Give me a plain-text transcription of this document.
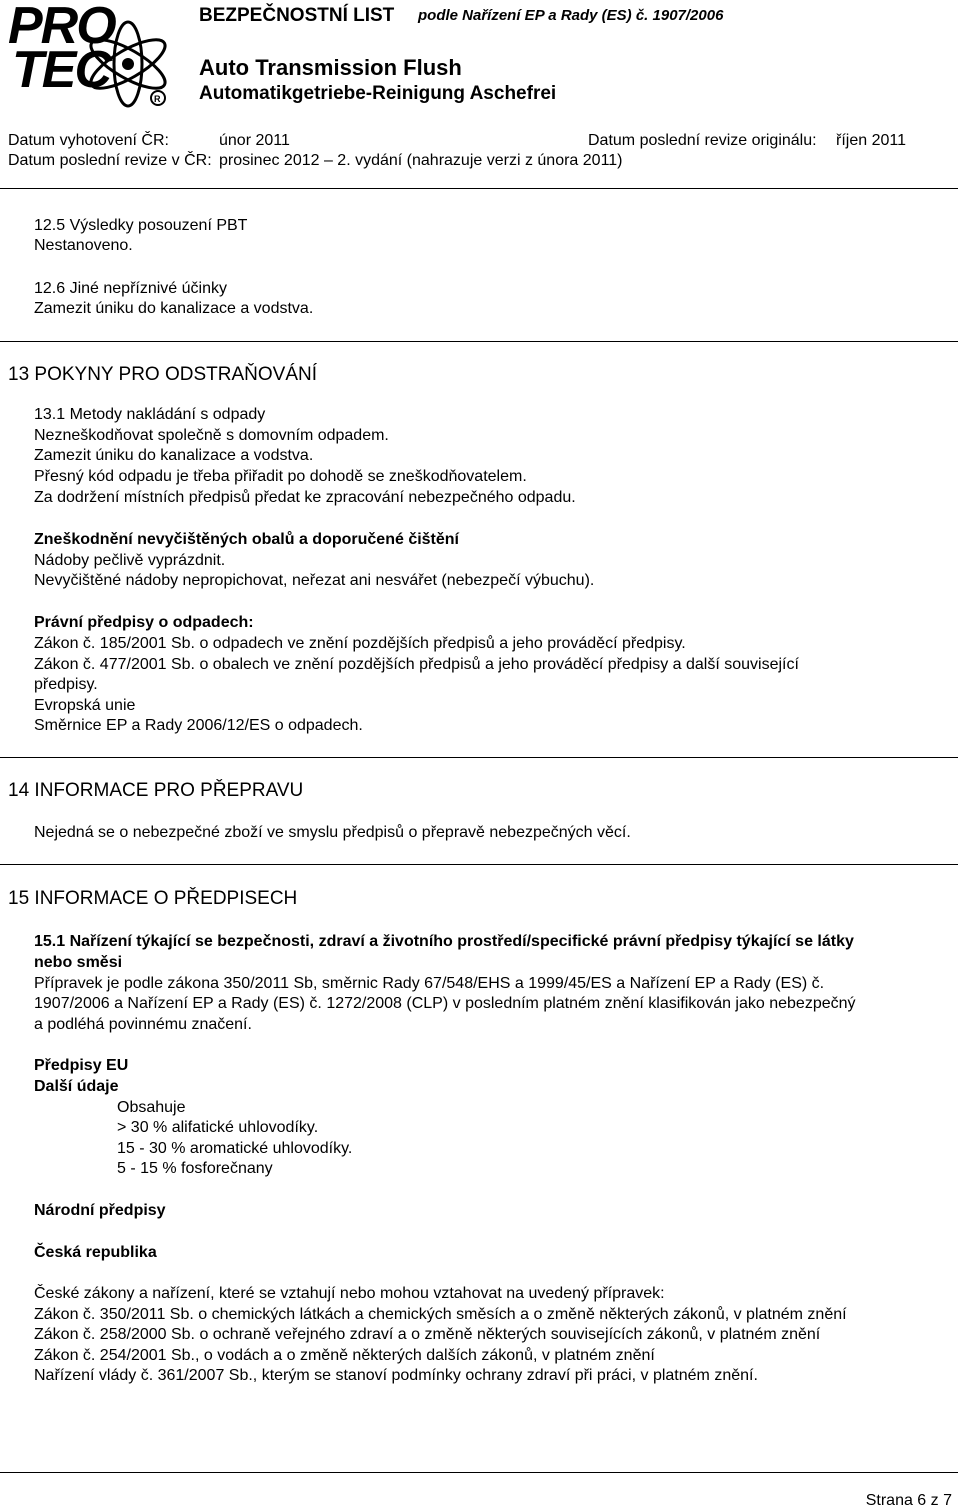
R
PRO
TEC
BEZPEČNOSTNÍ LIST podle Nařízení EP a Rady (ES) č. 1907/2006
Auto Transmission Flush
Automatikgetriebe-Reinigung Aschefrei
Datum vyhotovení ČR:	únor 2011	Datum poslední revize originálu: říjen 2011
Datum poslední revize v ČR: prosinec 2012 – 2. vydání (nahrazuje verzi z února 2011)
12.5 Výsledky posouzení PBT
Nestanoveno.
12.6 Jiné nepříznivé účinky
Zamezit úniku do kanalizace a vodstva.
13 POKYNY PRO ODSTRAŇOVÁNÍ
13.1 Metody nakládání s odpady
Nezneškodňovat společně s domovním odpadem.
Zamezit úniku do kanalizace a vodstva.
Přesný kód odpadu je třeba přiřadit po dohodě se zneškodňovatelem.
Za dodržení místních předpisů předat ke zpracování nebezpečného odpadu.
Zneškodnění nevyčištěných obalů a doporučené čištění
Nádoby pečlivě vyprázdnit.
Nevyčištěné nádoby nepropichovat, neřezat ani nesvářet (nebezpečí výbuchu).
Právní předpisy o odpadech:
Zákon č. 185/2001 Sb. o odpadech ve znění pozdějších předpisů a jeho prováděcí předpisy.
Zákon č. 477/2001 Sb. o obalech ve znění pozdějších předpisů a jeho prováděcí předpisy a další související
předpisy.
Evropská unie
Směrnice EP a Rady 2006/12/ES o odpadech.
14 INFORMACE PRO PŘEPRAVU
Nejedná se o nebezpečné zboží ve smyslu předpisů o přepravě nebezpečných věcí.
15 INFORMACE O PŘEDPISECH
15.1 Nařízení týkající se bezpečnosti, zdraví a životního prostředí/specifické právní předpisy týkající se látky
nebo směsi
Přípravek je podle zákona 350/2011 Sb, směrnic Rady 67/548/EHS a 1999/45/ES a Nařízení EP a Rady (ES) č.
1907/2006 a Nařízení EP a Rady (ES) č. 1272/2008 (CLP) v posledním platném znění klasifikován jako nebezpečný
a podléhá povinnému značení.
Předpisy EU
Další údaje
Obsahuje
> 30 % alifatické uhlovodíky.
15 - 30 % aromatické uhlovodíky.
5 - 15 % fosforečnany
Národní předpisy
Česká republika
České zákony a nařízení, které se vztahují nebo mohou vztahovat na uvedený přípravek:
Zákon č. 350/2011 Sb. o chemických látkách a chemických směsích a o změně některých zákonů, v platném znění
Zákon č. 258/2000 Sb. o ochraně veřejného zdraví a o změně některých souvisejících zákonů, v platném znění
Zákon č. 254/2001 Sb., o vodách a o změně některých dalších zákonů, v platném znění
Nařízení vlády č. 361/2007 Sb., kterým se stanoví podmínky ochrany zdraví při práci, v platném znění.
Strana 6 z 7
